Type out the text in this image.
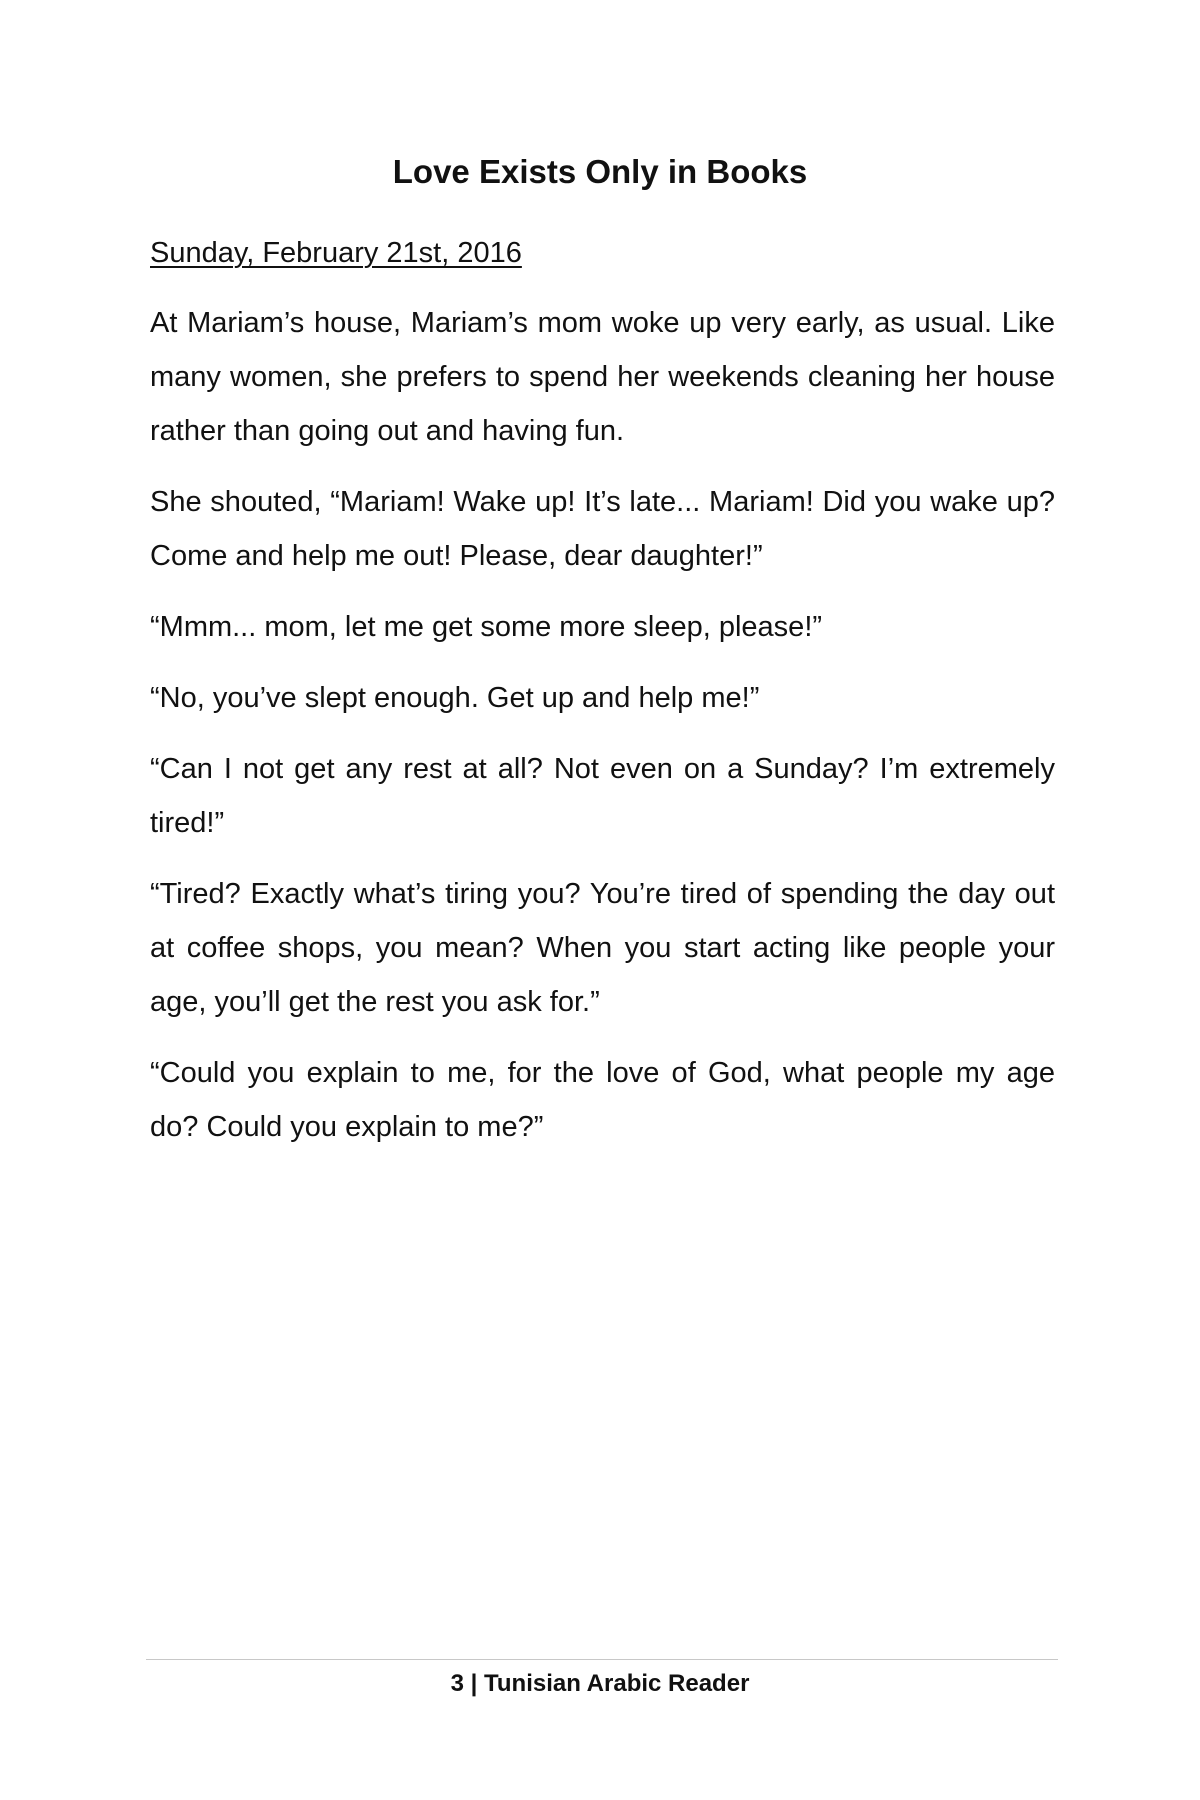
Love Exists Only in Books

Sunday, February 21st, 2016

At Mariam’s house, Mariam’s mom woke up very early, as usual. Like many women, she prefers to spend her weekends cleaning her house rather than going out and having fun.

She shouted, “Mariam! Wake up! It’s late... Mariam! Did you wake up? Come and help me out! Please, dear daughter!”

“Mmm... mom, let me get some more sleep, please!”

“No, you’ve slept enough. Get up and help me!”

“Can I not get any rest at all? Not even on a Sunday? I’m extremely tired!”

“Tired? Exactly what’s tiring you? You’re tired of spending the day out at coffee shops, you mean? When you start acting like people your age, you’ll get the rest you ask for.”

“Could you explain to me, for the love of God, what people my age do? Could you explain to me?”

3 | Tunisian Arabic Reader
